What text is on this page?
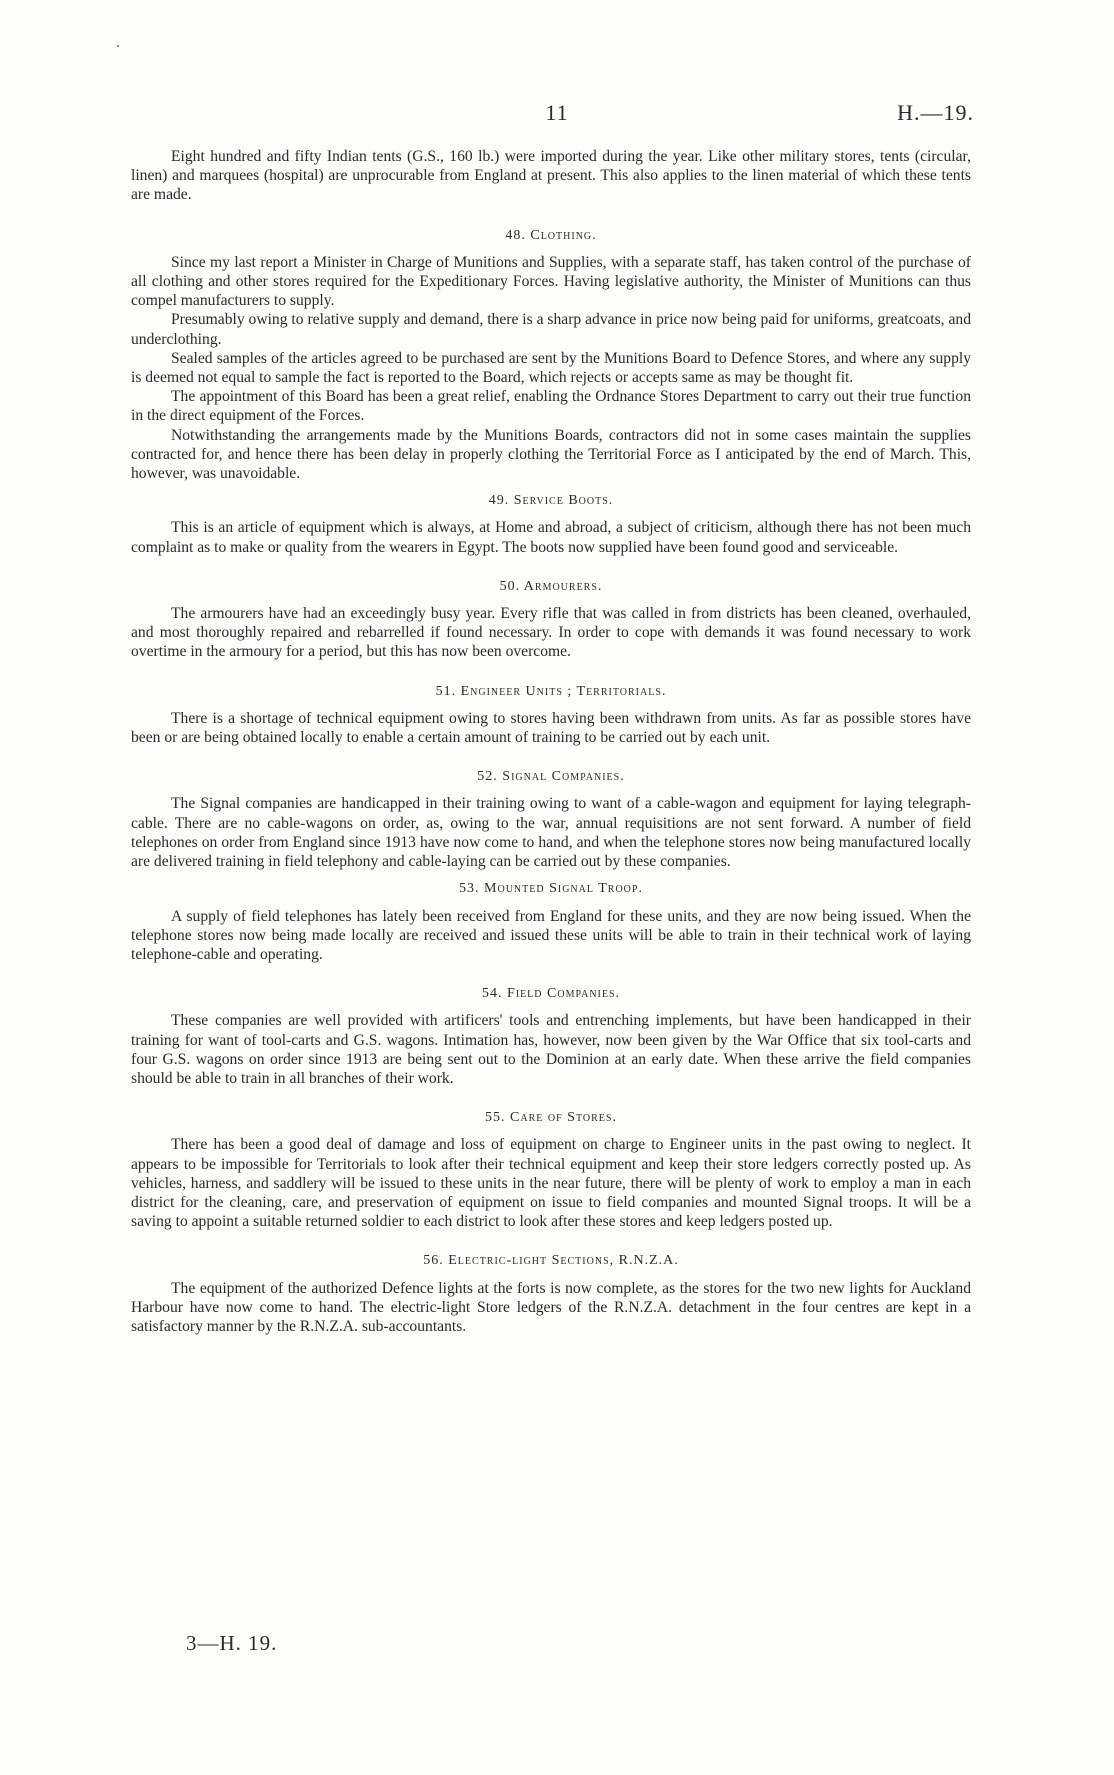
11	H.—19.

Eight hundred and fifty Indian tents (G.S., 160 lb.) were imported during the year. Like other military stores, tents (circular, linen) and marquees (hospital) are unprocurable from England at present. This also applies to the linen material of which these tents are made.

48. Clothing.

Since my last report a Minister in Charge of Munitions and Supplies, with a separate staff, has taken control of the purchase of all clothing and other stores required for the Expeditionary Forces. Having legislative authority, the Minister of Munitions can thus compel manufacturers to supply.

Presumably owing to relative supply and demand, there is a sharp advance in price now being paid for uniforms, greatcoats, and underclothing.

Sealed samples of the articles agreed to be purchased are sent by the Munitions Board to Defence Stores, and where any supply is deemed not equal to sample the fact is reported to the Board, which rejects or accepts same as may be thought fit.

The appointment of this Board has been a great relief, enabling the Ordnance Stores Department to carry out their true function in the direct equipment of the Forces.

Notwithstanding the arrangements made by the Munitions Boards, contractors did not in some cases maintain the supplies contracted for, and hence there has been delay in properly clothing the Territorial Force as I anticipated by the end of March. This, however, was unavoidable.

49. Service Boots.

This is an article of equipment which is always, at Home and abroad, a subject of criticism, although there has not been much complaint as to make or quality from the wearers in Egypt. The boots now supplied have been found good and serviceable.

50. Armourers.

The armourers have had an exceedingly busy year. Every rifle that was called in from districts has been cleaned, overhauled, and most thoroughly repaired and rebarrelled if found necessary. In order to cope with demands it was found necessary to work overtime in the armoury for a period, but this has now been overcome.

51. Engineer Units ; Territorials.

There is a shortage of technical equipment owing to stores having been withdrawn from units. As far as possible stores have been or are being obtained locally to enable a certain amount of training to be carried out by each unit.

52. Signal Companies.

The Signal companies are handicapped in their training owing to want of a cable-wagon and equipment for laying telegraph-cable. There are no cable-wagons on order, as, owing to the war, annual requisitions are not sent forward. A number of field telephones on order from England since 1913 have now come to hand, and when the telephone stores now being manufactured locally are delivered training in field telephony and cable-laying can be carried out by these companies.

53. Mounted Signal Troop.

A supply of field telephones has lately been received from England for these units, and they are now being issued. When the telephone stores now being made locally are received and issued these units will be able to train in their technical work of laying telephone-cable and operating.

54. Field Companies.

These companies are well provided with artificers' tools and entrenching implements, but have been handicapped in their training for want of tool-carts and G.S. wagons. Intimation has, however, now been given by the War Office that six tool-carts and four G.S. wagons on order since 1913 are being sent out to the Dominion at an early date. When these arrive the field companies should be able to train in all branches of their work.

55. Care of Stores.

There has been a good deal of damage and loss of equipment on charge to Engineer units in the past owing to neglect. It appears to be impossible for Territorials to look after their technical equipment and keep their store ledgers correctly posted up. As vehicles, harness, and saddlery will be issued to these units in the near future, there will be plenty of work to employ a man in each district for the cleaning, care, and preservation of equipment on issue to field companies and mounted Signal troops. It will be a saving to appoint a suitable returned soldier to each district to look after these stores and keep ledgers posted up.

56. Electric-light Sections, R.N.Z.A.

The equipment of the authorized Defence lights at the forts is now complete, as the stores for the two new lights for Auckland Harbour have now come to hand. The electric-light Store ledgers of the R.N.Z.A. detachment in the four centres are kept in a satisfactory manner by the R.N.Z.A. sub-accountants.

3—H. 19.
